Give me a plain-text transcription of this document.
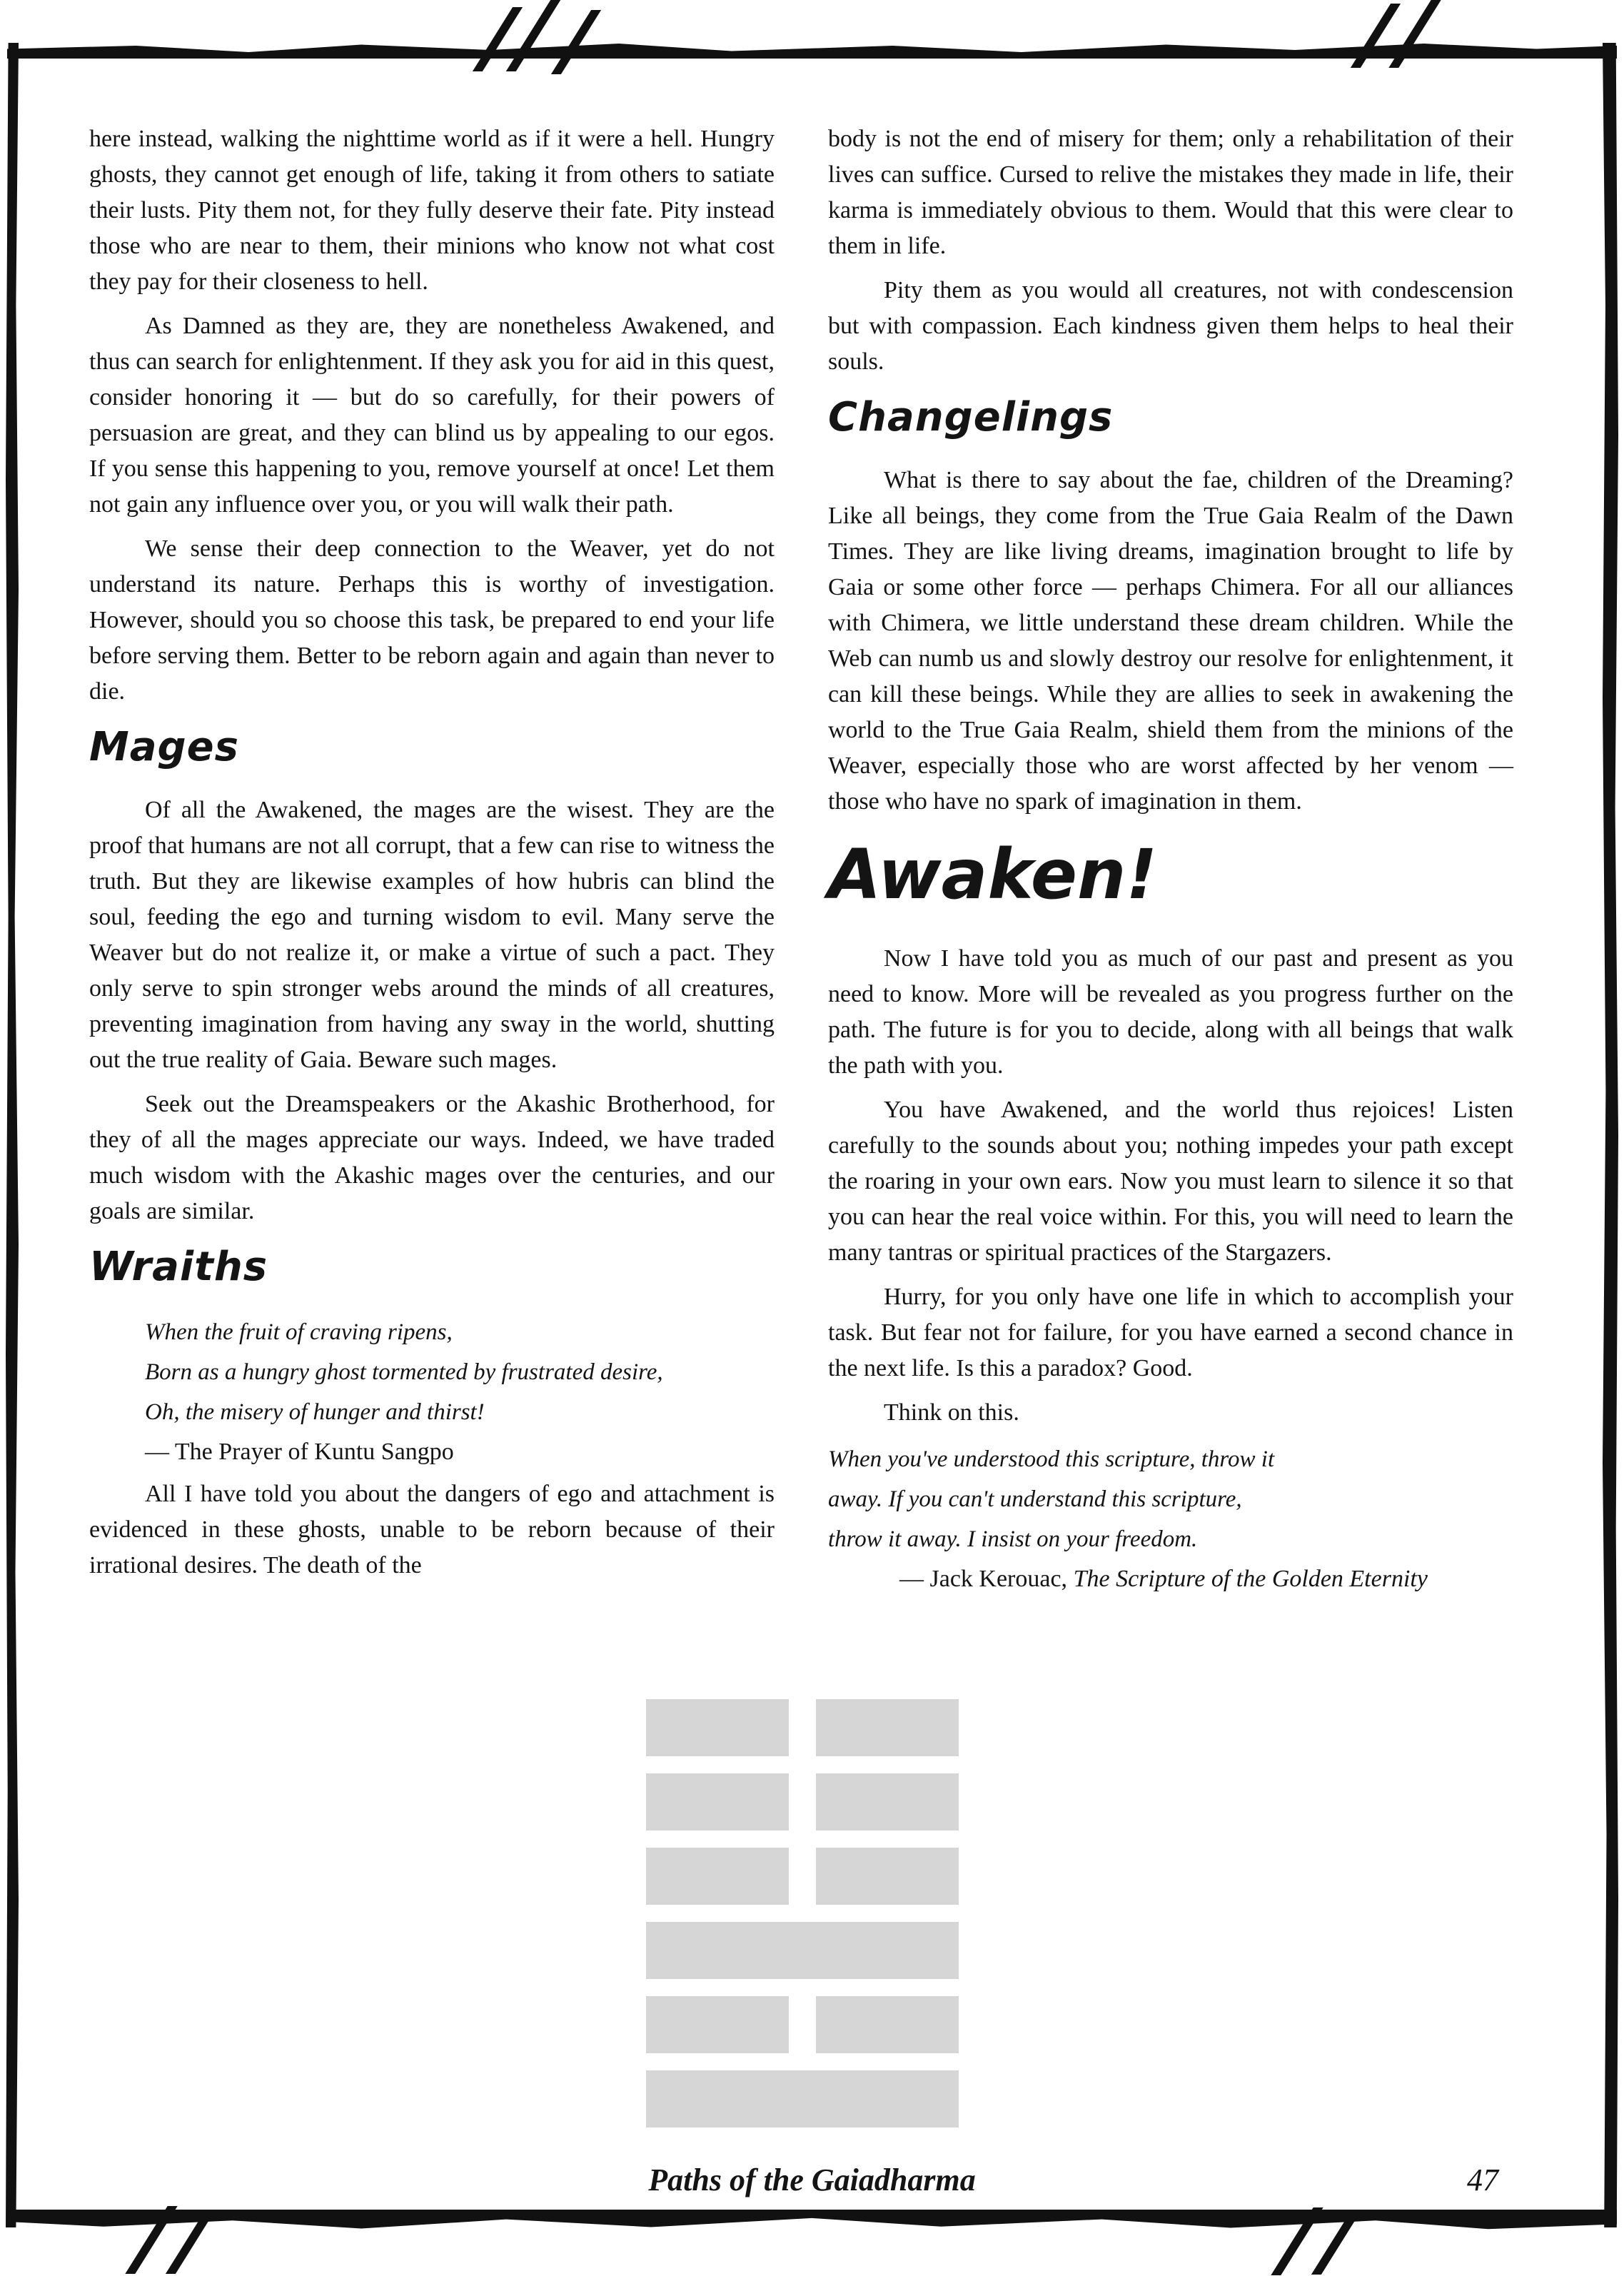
here instead, walking the nighttime world as if it were a hell. Hungry ghosts, they cannot get enough of life, taking it from others to satiate their lusts. Pity them not, for they fully deserve their fate. Pity instead those who are near to them, their minions who know not what cost they pay for their closeness to hell.

As Damned as they are, they are nonetheless Awakened, and thus can search for enlightenment. If they ask you for aid in this quest, consider honoring it — but do so carefully, for their powers of persuasion are great, and they can blind us by appealing to our egos. If you sense this happening to you, remove yourself at once! Let them not gain any influence over you, or you will walk their path.

We sense their deep connection to the Weaver, yet do not understand its nature. Perhaps this is worthy of investigation. However, should you so choose this task, be prepared to end your life before serving them. Better to be reborn again and again than never to die.

Mages

Of all the Awakened, the mages are the wisest. They are the proof that humans are not all corrupt, that a few can rise to witness the truth. But they are likewise examples of how hubris can blind the soul, feeding the ego and turning wisdom to evil. Many serve the Weaver but do not realize it, or make a virtue of such a pact. They only serve to spin stronger webs around the minds of all creatures, preventing imagination from having any sway in the world, shutting out the true reality of Gaia. Beware such mages.

Seek out the Dreamspeakers or the Akashic Brotherhood, for they of all the mages appreciate our ways. Indeed, we have traded much wisdom with the Akashic mages over the centuries, and our goals are similar.

Wraiths

When the fruit of craving ripens,

Born as a hungry ghost tormented by frustrated desire,

Oh, the misery of hunger and thirst!

— The Prayer of Kuntu Sangpo

All I have told you about the dangers of ego and attachment is evidenced in these ghosts, unable to be reborn because of their irrational desires. The death of the

body is not the end of misery for them; only a rehabilitation of their lives can suffice. Cursed to relive the mistakes they made in life, their karma is immediately obvious to them. Would that this were clear to them in life.

Pity them as you would all creatures, not with condescension but with compassion. Each kindness given them helps to heal their souls.

Changelings

What is there to say about the fae, children of the Dreaming? Like all beings, they come from the True Gaia Realm of the Dawn Times. They are like living dreams, imagination brought to life by Gaia or some other force — perhaps Chimera. For all our alliances with Chimera, we little understand these dream children. While the Web can numb us and slowly destroy our resolve for enlightenment, it can kill these beings. While they are allies to seek in awakening the world to the True Gaia Realm, shield them from the minions of the Weaver, especially those who are worst affected by her venom — those who have no spark of imagination in them.

Awaken!

Now I have told you as much of our past and present as you need to know. More will be revealed as you progress further on the path. The future is for you to decide, along with all beings that walk the path with you.

You have Awakened, and the world thus rejoices! Listen carefully to the sounds about you; nothing impedes your path except the roaring in your own ears. Now you must learn to silence it so that you can hear the real voice within. For this, you will need to learn the many tantras or spiritual practices of the Stargazers.

Hurry, for you only have one life in which to accomplish your task. But fear not for failure, for you have earned a second chance in the next life. Is this a paradox? Good.

Think on this.

When you've understood this scripture, throw it

away. If you can't understand this scripture,

throw it away. I insist on your freedom.

— Jack Kerouac, The Scripture of the Golden Eternity

Paths of the Gaiadharma	47
